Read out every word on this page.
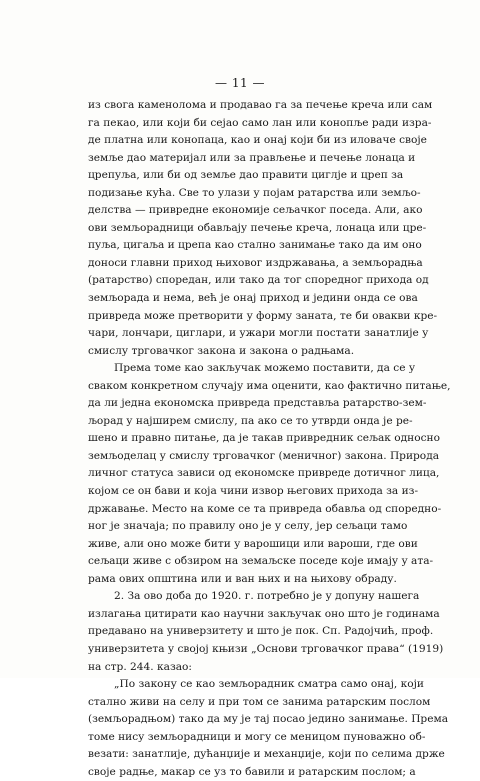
— 11 —
из свога каменолома и продавао га за печење креча или сам
га пекао, или који би сејао само лан или конопље ради изра-
де платна или конопаца, као и онај који би из иловаче своје
земље дао материјал или за прављење и печење лонаца и
црепуља, или би од земље дао правити циглје и цреп за
подизање кућа. Све то улази у појам ратарства или земљо-
делства — привредне економије сељачког поседа. Али, ако
ови земљорадници обављају печење креча, лонаца или цре-
пуља, цигаља и црепа као стално занимање тако да им оно
доноси главни приход њиховог издржавања, а земљорадња
(ратарство) споредан, или тако да тог споредног прихода од
земљорада и нема, већ је онај приход и једини онда се ова
привреда може претворити у форму заната, те би овакви кре-
чари, лончари, циглари, и ужари могли постати занатлије у
смислу трговачког закона и закона о радњама.
Према томе као закључак можемо поставити, да се у
сваком конкретном случају има оценити, као фактично питање,
да ли једна економска привреда представља ратарство-зем-
љорад у најширем смислу, па ако се то утврди онда је ре-
шено и правно питање, да је такав привредник сељак односно
земљоделац у смислу трговачког (меничног) закона. Природа
личног статуса зависи од економске привреде дотичног лица,
којом се он бави и која чини извор његових прихода за из-
државање. Место на коме се та привреда обавља од споредно-
ног је значаја; по правилу оно је у селу, јер сељаци тамо
живе, али оно може бити у варошици или вароши, где ови
сељаци живе с обзиром на земаљске поседе које имају у ата-
рама ових општина или и ван њих и на њихову обраду.
2. За ово доба до 1920. г. потребно је у допуну нашега
излагања цитирати као научни закључак оно што је годинама
предавано на универзитету и што је пок. Сп. Радојчић, проф.
универзитета у својој књизи „Основи трговачког права“ (1919)
на стр. 244. казао:
„По закону се као земљорадник сматра само онај, који
стално живи на селу и при том се занима ратарским послом
(земљорадњом) тако да му је тај посао једино занимање. Према
томе нису земљорадници и могу се меницом пуноважно об-
везати: занатлије, дућанџије и механџије, који по селима држе
своје радње, макар се уз то бавили и ратарским послом; а
